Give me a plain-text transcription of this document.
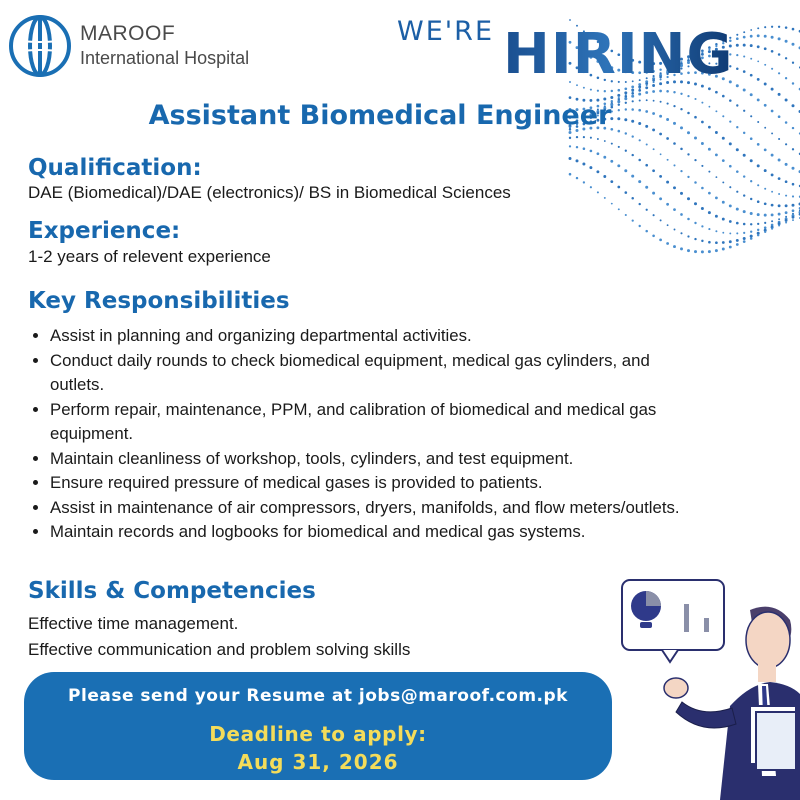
MAROOF
International Hospital
WE'RE HIRING
Assistant Biomedical Engineer
Qualification:
DAE (Biomedical)/DAE (electronics)/ BS in Biomedical Sciences
Experience:
1-2 years of relevent experience
Key Responsibilities
• Assist in planning and organizing departmental activities.
• Conduct daily rounds to check biomedical equipment, medical gas cylinders, and outlets.
• Perform repair, maintenance, PPM, and calibration of biomedical and medical gas equipment.
• Maintain cleanliness of workshop, tools, cylinders, and test equipment.
• Ensure required pressure of medical gases is provided to patients.
• Assist in maintenance of air compressors, dryers, manifolds, and flow meters/outlets.
• Maintain records and logbooks for biomedical and medical gas systems.
Skills & Competencies
Effective time management.
Effective communication and problem solving skills
Please send your Resume at jobs@maroof.com.pk
Deadline to apply:
Aug 31, 2026
